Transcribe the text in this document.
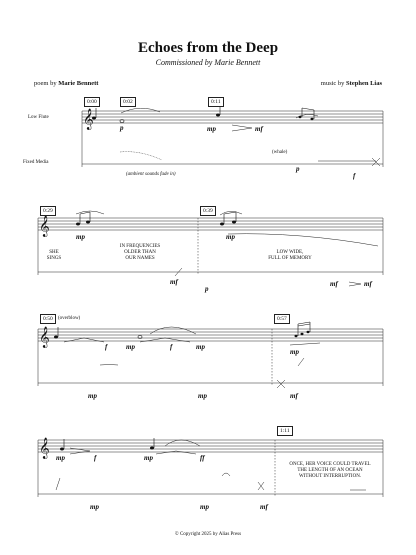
Echoes from the Deep
Commissioned by Marie Bennett
poem by Marie Bennett	music by Stephen Lias
Low Flute
Fixed Media
𝄞
𝄞
𝄞
𝄞
0:00	0:02	0:11
0:29	0:39
0:50	0:57
1:11
(whale)
(ambient sounds fade in)
(overblow)
p	mp	mf
p
f
mp	mp
mf
p
mf	mf
f	mp	f	mp
mp
mp	mp	mf
mp	f	mp	ff
mp	mp	mf
SHE
SINGS
IN FREQUENCIES
OLDER THAN
OUR NAMES
LOW WIDE,
FULL OF MEMORY
ONCE, HER VOICE COULD TRAVEL
THE LENGTH OF AN OCEAN
WITHOUT INTERRUPTION.
© Copyright 2025 by Alias Press
